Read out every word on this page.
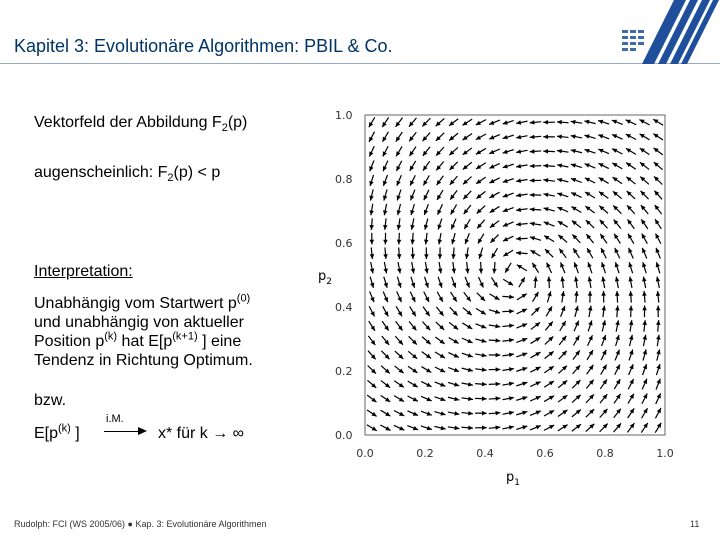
Kapitel 3: Evolutionäre Algorithmen: PBIL & Co.
Vektorfeld der Abbildung $F_2(p)$
augenscheinlich: $F_2(p) < p$
Interpretation:
Unabhängig vom Startwert $p^{(0)}$
und unabhängig von aktueller
Position $p^{(k)}$ hat $E[p^{(k+1)}$ ] eine
Tendenz in Richtung Optimum.
bzw.
$E[p^{(k)}$ ]
i.M.
x* für k → ∞
0.0	0.2	0.4	0.6	0.8	1.0
0.0
0.2
0.4
0.6
0.8
1.0
$p_1$
$p_2$
Rudolph: FCI (WS 2005/06) ● Kap. 3: Evolutionäre Algorithmen	11
